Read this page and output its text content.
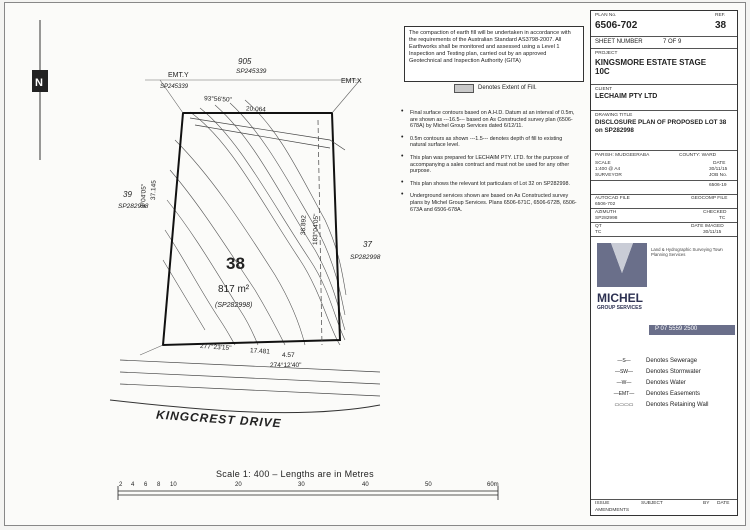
N
905
SP245339
EMT.Y
SP245339
EMT.X
93°56'50"
20.064
3°04'05" 37.145
36.892 183°04'05"
39
SP282998
37
SP282998
38
817 m²
(SP282998)
277°23'15"	17.481 4.57
274°12'40"
KINGCREST DRIVE
Scale 1: 400 – Lengths are in Metres
2 4 6 8 10	20	30	40	50	60m
The compaction of earth fill will be undertaken in accordance with the requirements of the Australian Standard AS3798-2007. All Earthworks shall be monitored and assessed using a Level 1 Inspection and Testing plan, carried out by an approved Geotechnical and Inspection Authority (GITA)
Denotes Extent of Fill.
• Final surface contours based on A.H.D. Datum at an interval of 0.5m, are shown as ---16.5--- based on As Constructed survey plan (6506-678A) by Michel Group Services dated 6/12/11.
• 0.5m contours as shown ---1.5--- denotes depth of fill to existing natural surface level.
• This plan was prepared for LECHAIM PTY. LTD. for the purpose of accompanying a sales contract and must not be used for any other purpose.
• This plan shows the relevant lot particulars of Lot 32 on SP282998.
• Underground services shown are based on As Constructed survey plans by Michel Group Services. Plans 6506-671C, 6506-672B, 6506-673A and 6506-678A.
PLAN No.
6506-702
REF.
38
SHEET NUMBER	7 OF 9
PROJECT
KINGSMORE ESTATE STAGE 10C
CLIENT
LECHAIM PTY LTD
DRAWING TITLE
DISCLOSURE PLAN OF PROPOSED LOT 38 on SP282998
PARISH: MUDGEERABA	COUNTY: WARD
SCALE	DATE
1:400 @ A4	30/11/15
SURVEYOR	JOB No.
6506-19
AUTOCAD FILE	GEOCOMP FILE
6506-702
AZIMUTH	CHECKED
SP282998	TC
QT	DATE IMAGED
TC	30/11/15
MICHEL
GROUP SERVICES
Land & Hydrographic Surveying Town Planning Services
P 07 5559 2500
ISSUE	SUBJECT	BY DATE
AMENDMENTS
—S—	Denotes Sewerage
—SW—	Denotes Stormwater
—W—	Denotes Water
—EMT—	Denotes Easements
▭▭▭▭	Denotes Retaining Wall
